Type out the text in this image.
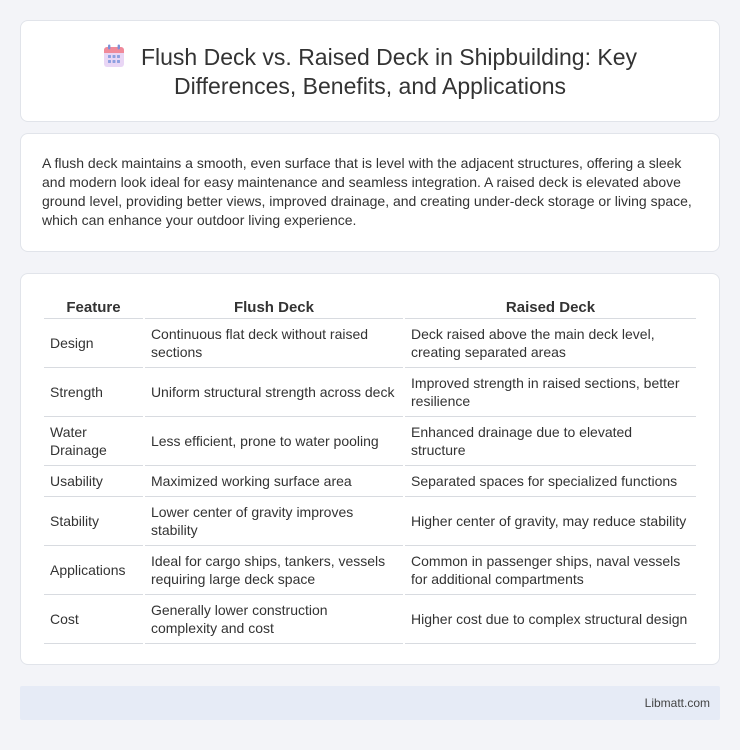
Flush Deck vs. Raised Deck in Shipbuilding: Key
Differences, Benefits, and Applications

A flush deck maintains a smooth, even surface that is level with the adjacent structures, offering a sleek and modern look ideal for easy maintenance and seamless integration. A raised deck is elevated above ground level, providing better views, improved drainage, and creating under-deck storage or living space, which can enhance your outdoor living experience.

Feature	Flush Deck	Raised Deck
Design	Continuous flat deck without raised sections	Deck raised above the main deck level, creating separated areas
Strength	Uniform structural strength across deck	Improved strength in raised sections, better resilience
Water Drainage	Less efficient, prone to water pooling	Enhanced drainage due to elevated structure
Usability	Maximized working surface area	Separated spaces for specialized functions
Stability	Lower center of gravity improves stability	Higher center of gravity, may reduce stability
Applications	Ideal for cargo ships, tankers, vessels requiring large deck space	Common in passenger ships, naval vessels for additional compartments
Cost	Generally lower construction complexity and cost	Higher cost due to complex structural design
Libmatt.com
